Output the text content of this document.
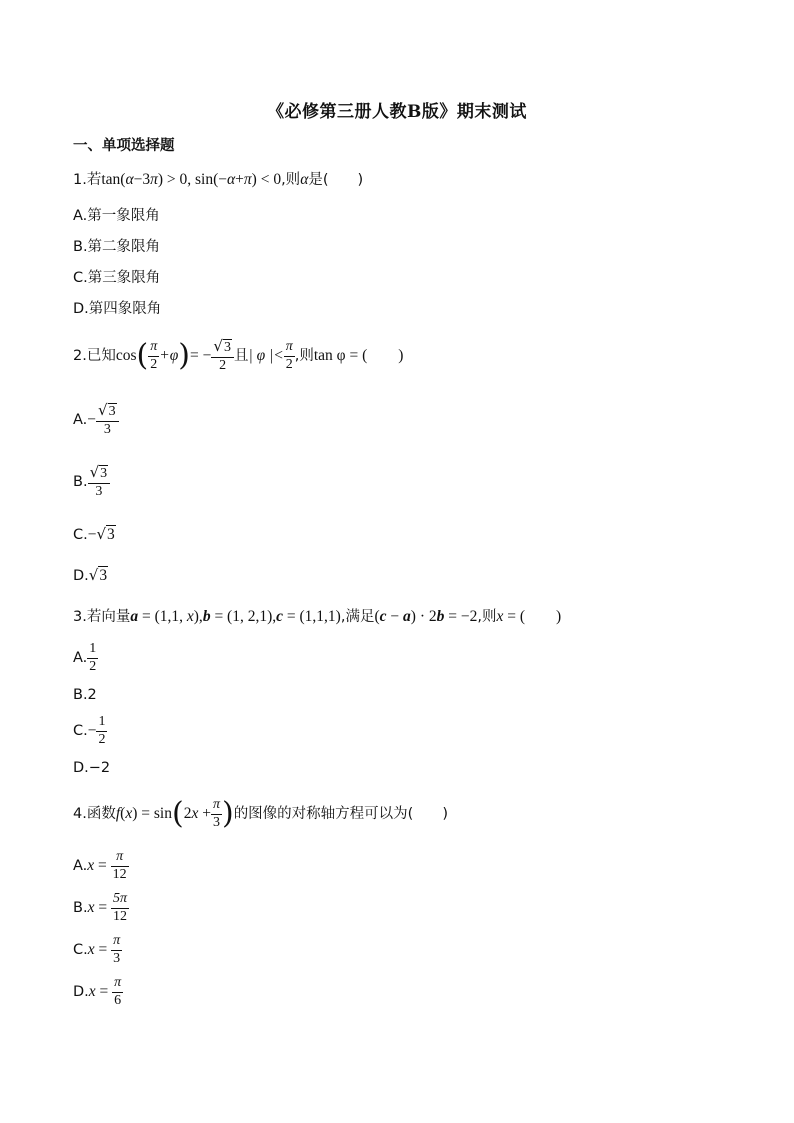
《必修第三册人教B版》期末测试
一、单项选择题
1.若tan(α−3π) > 0, sin(−α+π) < 0,则α是(　　)
A.第一象限角
B.第二象限角
C.第三象限角
D.第四象限角
2.已知$\cos( \frac{\pi}{2} +\varphi)= - \frac{√3}{2}$ 且| φ |< $\frac{\pi}{2}$ ,则tan φ = (　　)
$A.- \frac{√3}{3}$
B. $\frac{√3}{3}$
C.−√3
D.√3
3.若向量a = (1,1, x),b = (1, 2,1),c = (1,1,1),满足(c − a) · 2b = −2,则x = (　　)
A. $\frac{1}{2}$
B.2
$C.- \frac{1}{2}$
D.−2
4.函数$f(x) = \sin(2x + \frac{\pi}{3}$ )的图像的对称轴方程可以为(　　)
$A.x = \frac{\pi}{12}$
$B.x = \frac{5\pi}{12}$
$C.x = \frac{\pi}{3}$
$D.x = \frac{\pi}{6}$
